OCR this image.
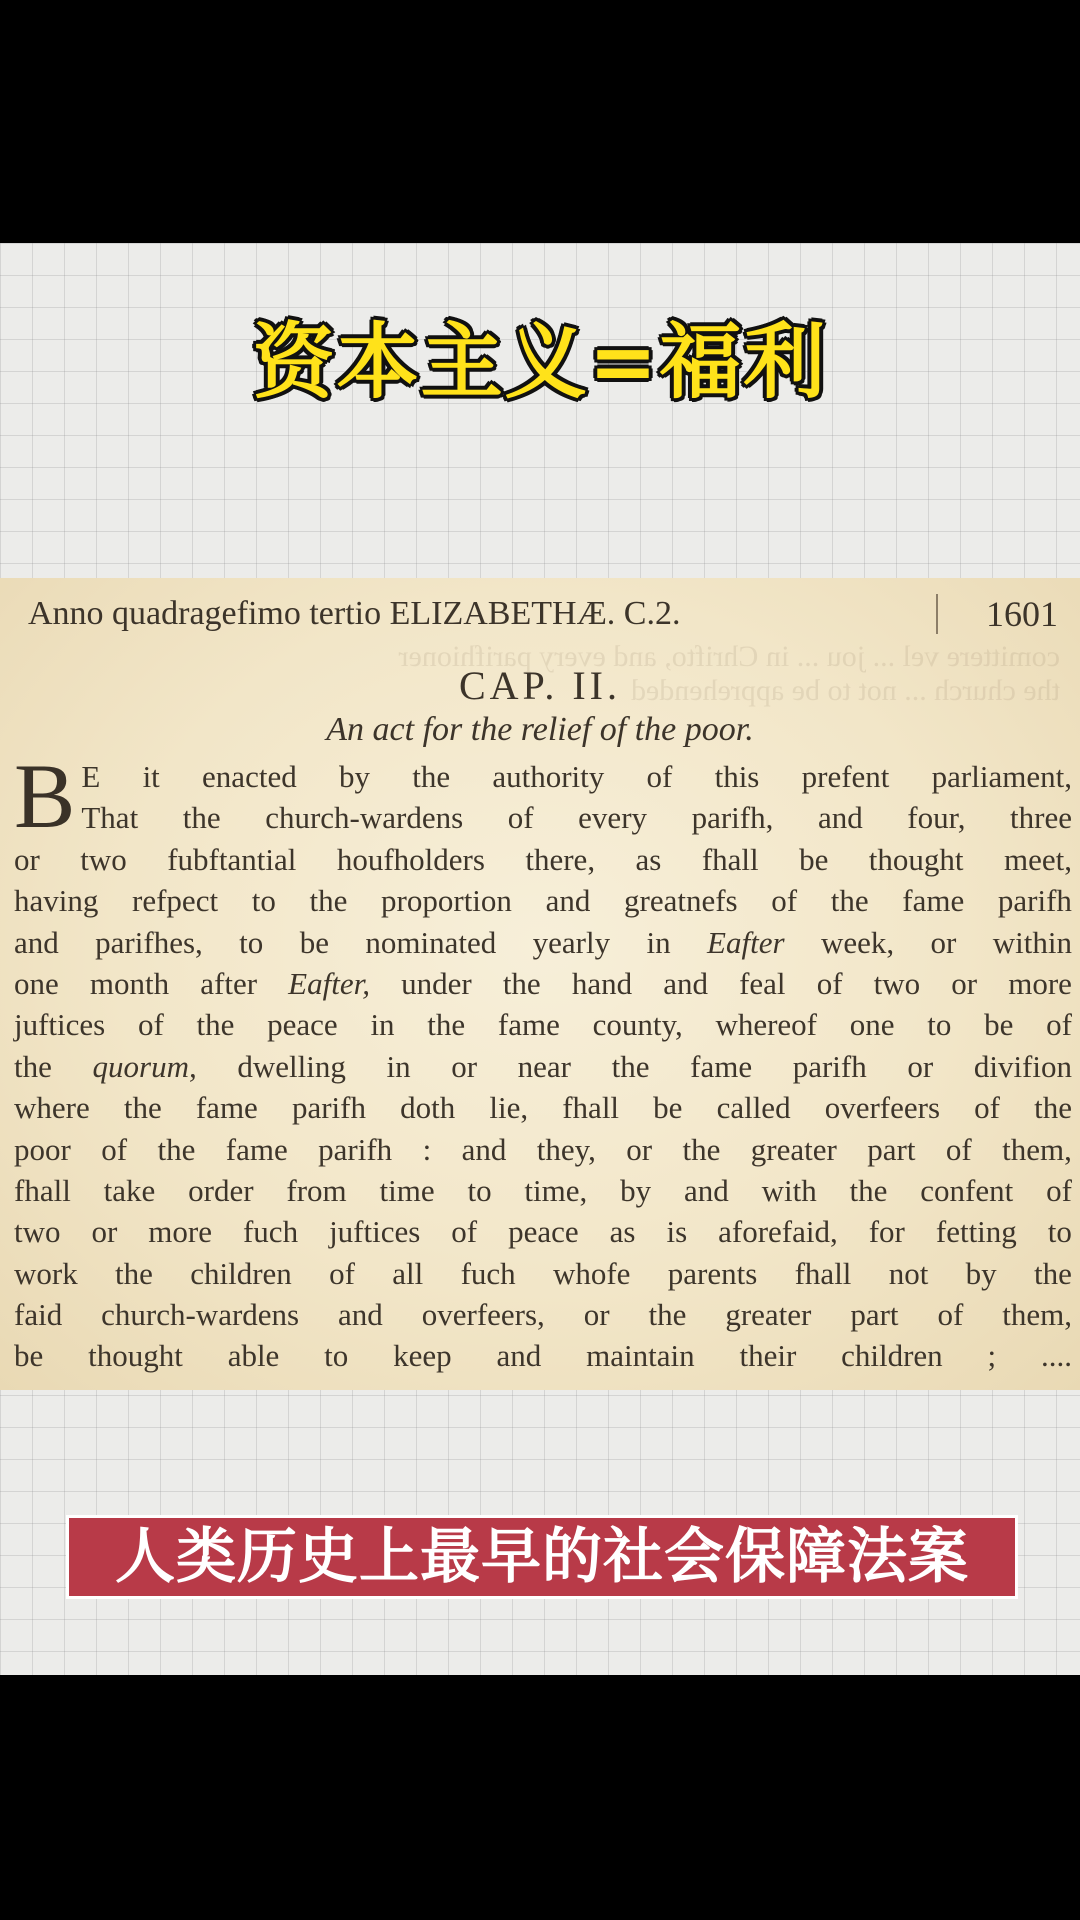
资本主义=福利
Anno quadragefimo tertio ELIZABETHÆ. C.2.	1601
comittere vel ... jou ... in Chrifto, and every parifhioner
the church ... not to be apprehended
CAP. II.
An act for the relief of the poor.
B E it enacted by the authority of this prefent parliament,
That the church-wardens of every parifh, and four, three
or two fubftantial houfholders there, as fhall be thought meet,
having refpect to the proportion and greatnefs of the fame parifh
and parifhes, to be nominated yearly in Eafter week, or within
one month after Eafter, under the hand and feal of two or more
juftices of the peace in the fame county, whereof one to be of
the quorum, dwelling in or near the fame parifh or divifion
where the fame parifh doth lie, fhall be called overfeers of the
poor of the fame parifh : and they, or the greater part of them,
fhall take order from time to time, by and with the confent of
two or more fuch juftices of peace as is aforefaid, for fetting to
work the children of all fuch whofe parents fhall not by the
faid church-wardens and overfeers, or the greater part of them,
be thought able to keep and maintain their children ; ....
人类历史上最早的社会保障法案
